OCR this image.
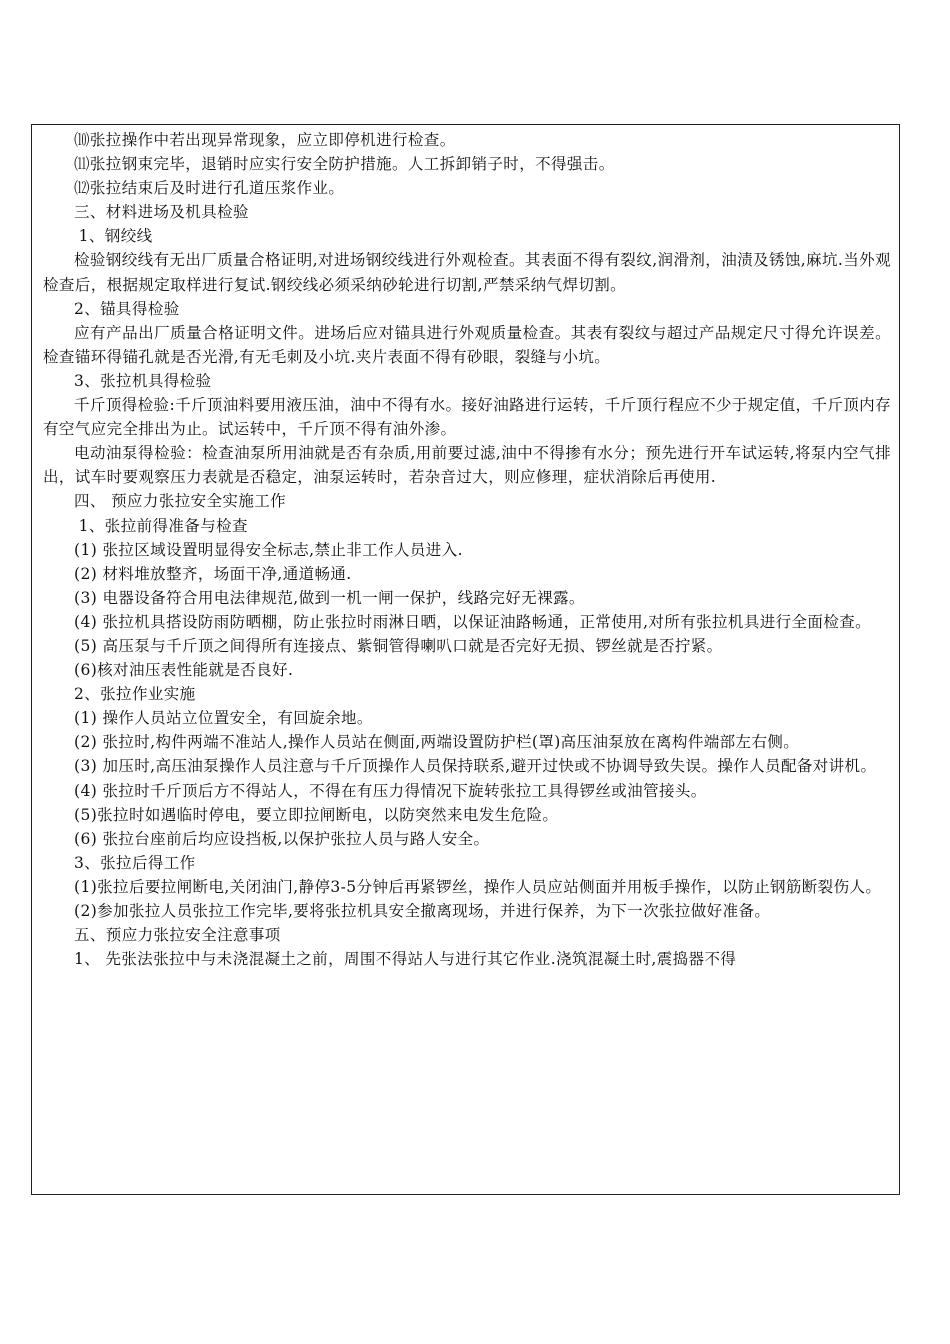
⑽张拉操作中若出现异常现象，应立即停机进行检查。

⑾张拉钢束完毕，退销时应实行安全防护措施。人工拆卸销子时，不得强击。

⑿张拉结束后及时进行孔道压浆作业。

三、材料进场及机具检验

1、钢绞线

检验钢绞线有无出厂质量合格证明,对进场钢绞线进行外观检查。其表面不得有裂纹,润滑剂，油渍及锈蚀,麻坑.当外观检查后，根据规定取样进行复试.钢绞线必须采纳砂轮进行切割,严禁采纳气焊切割。

2、锚具得检验

应有产品出厂质量合格证明文件。进场后应对锚具进行外观质量检查。其表有裂纹与超过产品规定尺寸得允许误差。检查锚环得锚孔就是否光滑,有无毛刺及小坑.夹片表面不得有砂眼，裂缝与小坑。

3、张拉机具得检验

千斤顶得检验:千斤顶油料要用液压油，油中不得有水。接好油路进行运转，千斤顶行程应不少于规定值，千斤顶内存有空气应完全排出为止。试运转中，千斤顶不得有油外渗。

电动油泵得检验：检查油泵所用油就是否有杂质,用前要过滤,油中不得掺有水分；预先进行开车试运转,将泵内空气排出，试车时要观察压力表就是否稳定，油泵运转时，若杂音过大，则应修理，症状消除后再使用.

四、 预应力张拉安全实施工作

1、张拉前得准备与检查

(1) 张拉区域设置明显得安全标志,禁止非工作人员进入.

(2) 材料堆放整齐，场面干净,通道畅通.

(3) 电器设备符合用电法律规范,做到一机一闸一保护，线路完好无裸露。

(4) 张拉机具搭设防雨防晒棚，防止张拉时雨淋日晒，以保证油路畅通，正常使用,对所有张拉机具进行全面检查。

(5) 高压泵与千斤顶之间得所有连接点、紫铜管得喇叭口就是否完好无损、锣丝就是否拧紧。

(6)核对油压表性能就是否良好.

2、张拉作业实施

(1) 操作人员站立位置安全，有回旋余地。

(2) 张拉时,构件两端不准站人,操作人员站在侧面,两端设置防护栏(罩)高压油泵放在离构件端部左右侧。

(3) 加压时,高压油泵操作人员注意与千斤顶操作人员保持联系,避开过快或不协调导致失误。操作人员配备对讲机。

(4) 张拉时千斤顶后方不得站人，不得在有压力得情况下旋转张拉工具得锣丝或油管接头。

(5)张拉时如遇临时停电，要立即拉闸断电，以防突然来电发生危险。

(6) 张拉台座前后均应设挡板,以保护张拉人员与路人安全。

3、张拉后得工作

(1)张拉后要拉闸断电,关闭油门,静停3-5分钟后再紧锣丝，操作人员应站侧面并用板手操作，以防止钢筋断裂伤人。

(2)参加张拉人员张拉工作完毕,要将张拉机具安全撤离现场，并进行保养，为下一次张拉做好准备。

五、预应力张拉安全注意事项

1、 先张法张拉中与未浇混凝土之前，周围不得站人与进行其它作业.浇筑混凝土时,震捣器不得
